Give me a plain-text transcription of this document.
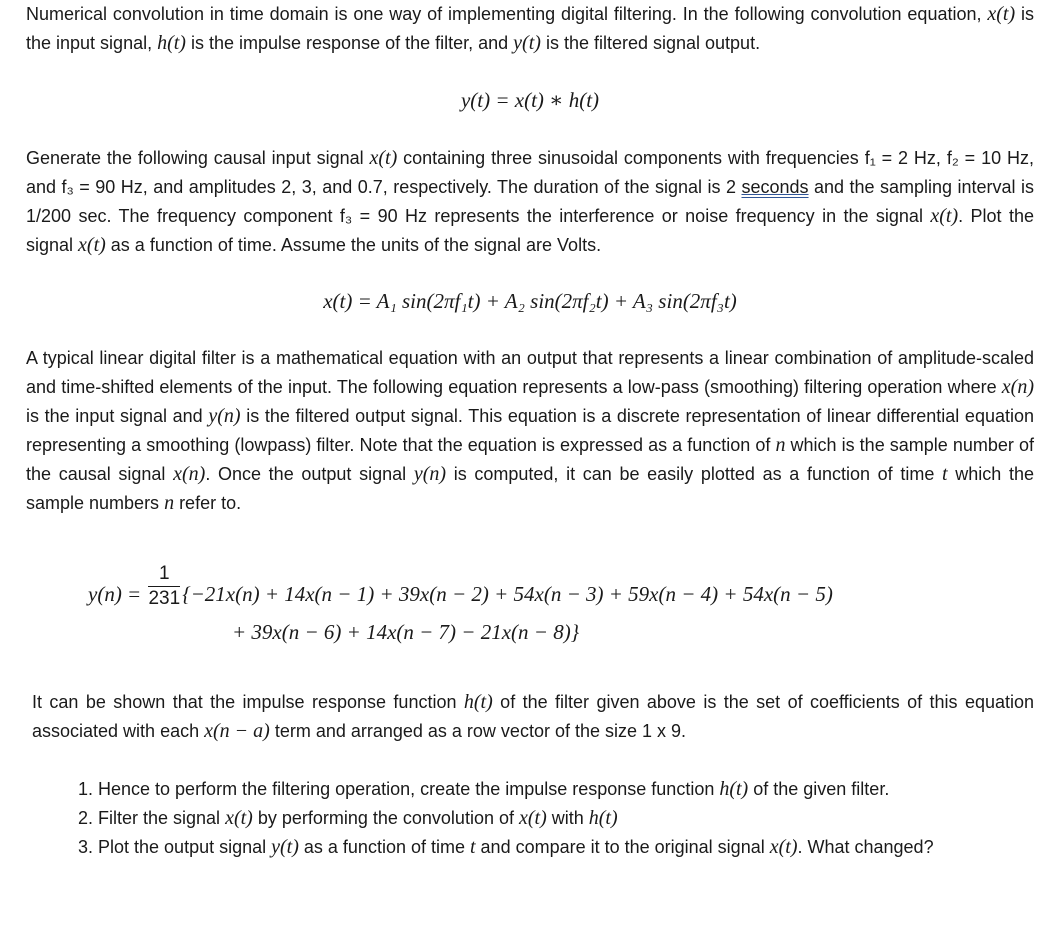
Numerical convolution in time domain is one way of implementing digital filtering. In the following convolution equation, x(t) is the input signal, h(t) is the impulse response of the filter, and y(t) is the filtered signal output.

y(t) = x(t) ∗ h(t)

Generate the following causal input signal x(t) containing three sinusoidal components with frequencies f₁ = 2 Hz, f₂ = 10 Hz, and f₃ = 90 Hz, and amplitudes 2, 3, and 0.7, respectively. The duration of the signal is 2 seconds and the sampling interval is 1/200 sec. The frequency component f₃ = 90 Hz represents the interference or noise frequency in the signal x(t). Plot the signal x(t) as a function of time. Assume the units of the signal are Volts.

x(t) = A₁ sin(2πf₁t) + A₂ sin(2πf₂t) + A₃ sin(2πf₃t)

A typical linear digital filter is a mathematical equation with an output that represents a linear combination of amplitude-scaled and time-shifted elements of the input. The following equation represents a low-pass (smoothing) filtering operation where x(n) is the input signal and y(n) is the filtered output signal. This equation is a discrete representation of linear differential equation representing a smoothing (lowpass) filter. Note that the equation is expressed as a function of n which is the sample number of the causal signal x(n). Once the output signal y(n) is computed, it can be easily plotted as a function of time t which the sample numbers n refer to.

$y(n) = \frac{1}{231} \{-21x(n) + 14x(n - 1) + 39x(n - 2) + 54x(n - 3) + 59x(n - 4) + 54x(n - 5)$
+ 39x(n − 6) + 14x(n − 7) − 21x(n − 8)}

It can be shown that the impulse response function h(t) of the filter given above is the set of coefficients of this equation associated with each x(n − a) term and arranged as a row vector of the size 1 x 9.

1. Hence to perform the filtering operation, create the impulse response function h(t) of the given filter.
2. Filter the signal x(t) by performing the convolution of x(t) with h(t)
3. Plot the output signal y(t) as a function of time t and compare it to the original signal x(t). What changed?
